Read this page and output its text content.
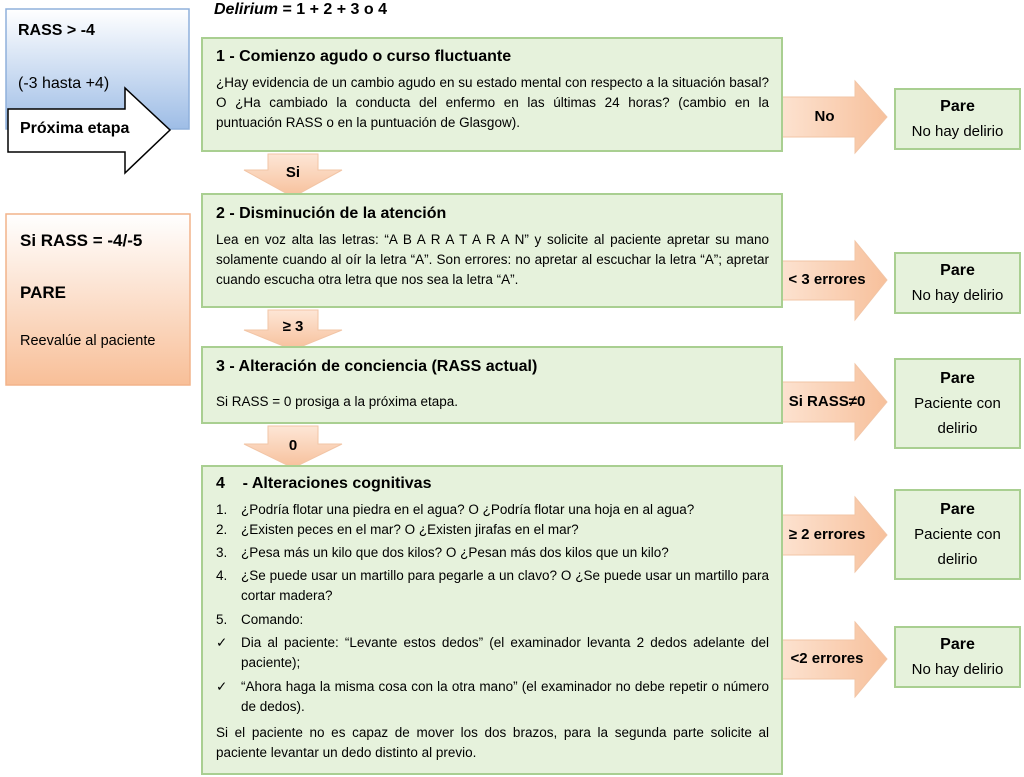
Delirium = 1 + 2 + 3 o 4
RASS > -4
(-3 hasta +4)
Próxima etapa
Si RASS = -4/-5
PARE
Reevalúe al paciente
1 - Comienzo agudo o curso fluctuante
¿Hay evidencia de un cambio agudo en su estado mental con respecto a la situación basal? O ¿Ha cambiado la conducta del enfermo en las últimas 24 horas? (cambio en la puntuación RASS o en la puntuación de Glasgow).
2 - Disminución de la atención
Lea en voz alta las letras: “A B A R A T A R A N” y solicite al paciente apretar su mano solamente cuando al oír la letra “A”. Son errores: no apretar al escuchar la letra “A”; apretar cuando escucha otra letra que nos sea la letra “A”.
3 - Alteración de conciencia (RASS actual)
Si RASS = 0 prosiga a la próxima etapa.
4    - Alteraciones cognitivas
1.	¿Podría flotar una piedra en el agua? O ¿Podría flotar una hoja en al agua?
2.	¿Existen peces en el mar? O ¿Existen jirafas en el mar?
3.	¿Pesa más un kilo que dos kilos? O ¿Pesan más dos kilos que un kilo?
4.	¿Se puede usar un martillo para pegarle a un clavo? O ¿Se puede usar un martillo para cortar madera?
5.	Comando:
✓	Dia al paciente: “Levante estos dedos” (el examinador levanta 2 dedos adelante del paciente);
✓	“Ahora haga la misma cosa con la otra mano” (el examinador no debe repetir o número de dedos).
Si el paciente no es capaz de mover los dos brazos, para la segunda parte solicite al paciente levantar un dedo distinto al previo.
Si
≥ 3
0
No
< 3 errores
Si RASS≠0
≥ 2 errores
<2 errores
Pare
No hay delirio
Pare
No hay delirio
Pare
Paciente con
delirio
Pare
Paciente con
delirio
Pare
No hay delirio
